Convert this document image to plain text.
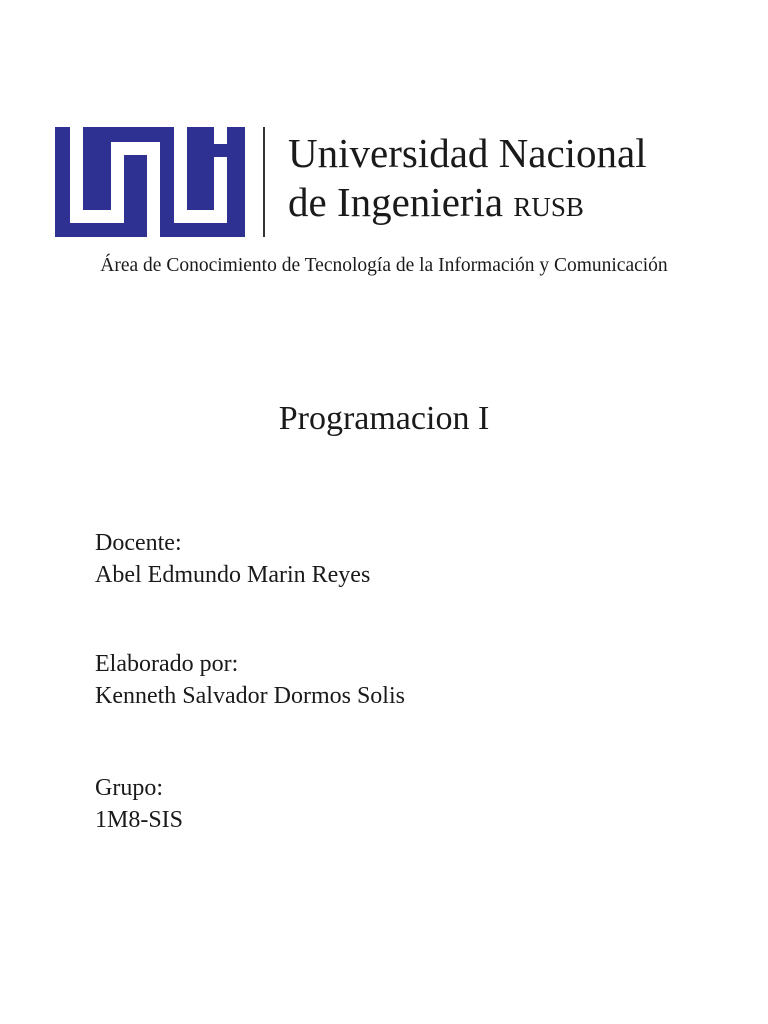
Universidad Nacional
de Ingenieria RUSB
Área de Conocimiento de Tecnología de la Información y Comunicación
Programacion I
Docente:
Abel Edmundo Marin Reyes
Elaborado por:
Kenneth Salvador Dormos Solis
Grupo:
1M8-SIS
